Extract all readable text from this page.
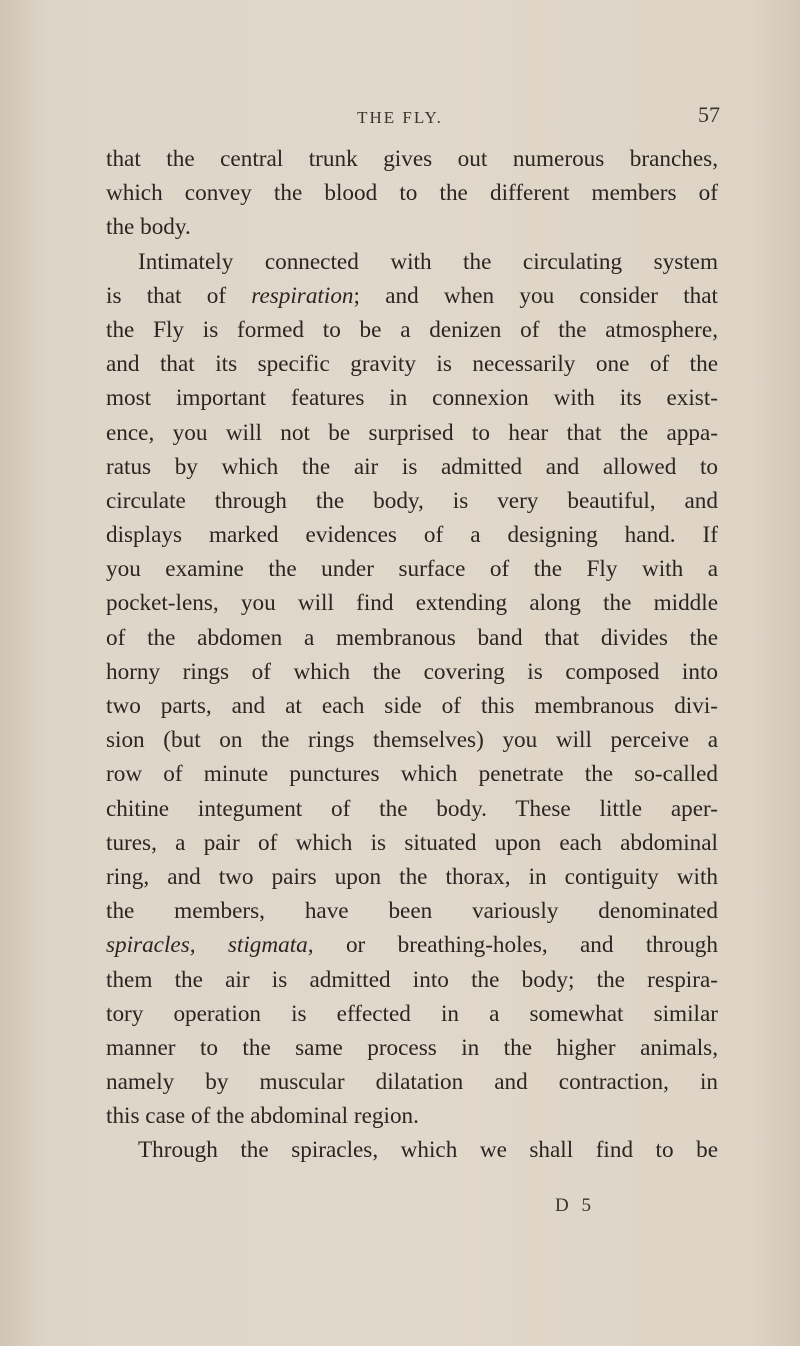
THE FLY.	57
that the central trunk gives out numerous branches,
which convey the blood to the different members of
the body.
Intimately connected with the circulating system
is that of respiration; and when you consider that
the Fly is formed to be a denizen of the atmosphere,
and that its specific gravity is necessarily one of the
most important features in connexion with its exist-
ence, you will not be surprised to hear that the appa-
ratus by which the air is admitted and allowed to
circulate through the body, is very beautiful, and
displays marked evidences of a designing hand. If
you examine the under surface of the Fly with a
pocket-lens, you will find extending along the middle
of the abdomen a membranous band that divides the
horny rings of which the covering is composed into
two parts, and at each side of this membranous divi-
sion (but on the rings themselves) you will perceive a
row of minute punctures which penetrate the so-called
chitine integument of the body. These little aper-
tures, a pair of which is situated upon each abdominal
ring, and two pairs upon the thorax, in contiguity with
the members, have been variously denominated
spiracles, stigmata, or breathing-holes, and through
them the air is admitted into the body; the respira-
tory operation is effected in a somewhat similar
manner to the same process in the higher animals,
namely by muscular dilatation and contraction, in
this case of the abdominal region.
Through the spiracles, which we shall find to be
D 5
